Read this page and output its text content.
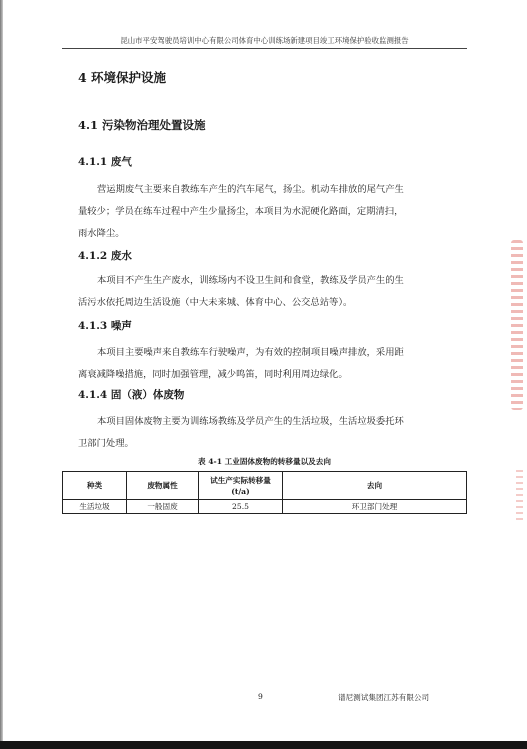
昆山市平安驾驶员培训中心有限公司体育中心训练场新建项目竣工环境保护验收监测报告
4 环境保护设施
4.1 污染物治理处置设施
4.1.1 废气
营运期废气主要来自教练车产生的汽车尾气，扬尘。机动车排放的尾气产生
量较少；学员在练车过程中产生少量扬尘，本项目为水泥硬化路面，定期清扫，
雨水降尘。
4.1.2 废水
本项目不产生生产废水，训练场内不设卫生间和食堂，教练及学员产生的生
活污水依托周边生活设施（中大未来城、体育中心、公交总站等）。
4.1.3 噪声
本项目主要噪声来自教练车行驶噪声，为有效的控制项目噪声排放，采用距
离衰减降噪措施，同时加强管理，减少鸣笛，同时利用周边绿化。
4.1.4 固（液）体废物
本项目固体废物主要为训练场教练及学员产生的生活垃圾，生活垃圾委托环
卫部门处理。
表 4-1 工业固体废物的转移量以及去向
种类	废物属性	试生产实际转移量
(t/a)	去向
生活垃圾	一般固废	25.5	环卫部门处理
9	谱尼测试集团江苏有限公司
